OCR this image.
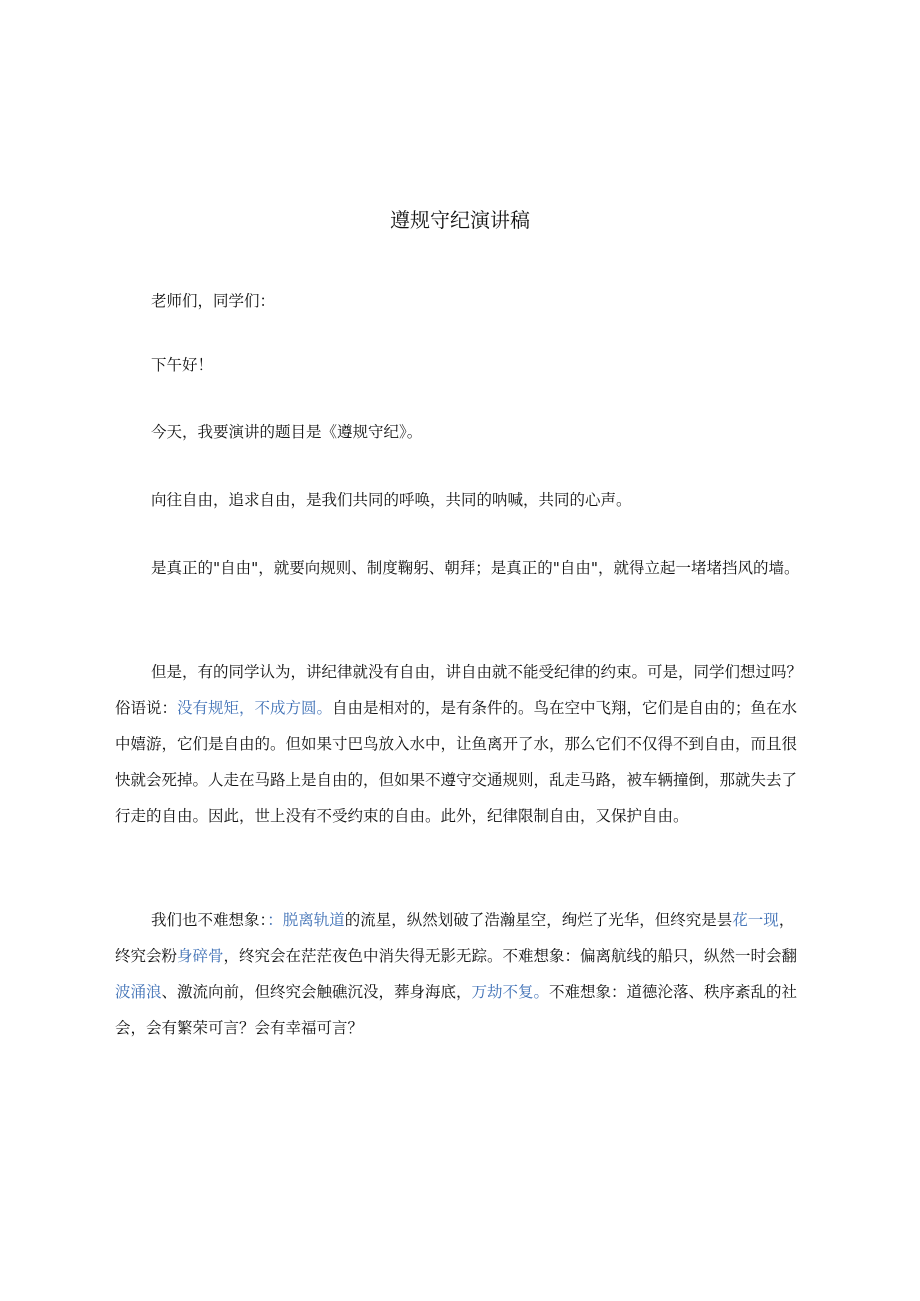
遵规守纪演讲稿

老师们，同学们：

下午好！

今天，我要演讲的题目是《遵规守纪》。

向往自由，追求自由，是我们共同的呼唤，共同的呐喊，共同的心声。

是真正的"自由"，就要向规则、制度鞠躬、朝拜；是真正的"自由"，就得立起一堵堵挡风的墙。

但是，有的同学认为，讲纪律就没有自由，讲自由就不能受纪律的约束。可是，同学们想过吗？俗语说：没有规矩，不成方圆。自由是相对的，是有条件的。鸟在空中飞翔，它们是自由的；鱼在水中嬉游，它们是自由的。但如果寸巴鸟放入水中，让鱼离开了水，那么它们不仅得不到自由，而且很快就会死掉。人走在马路上是自由的，但如果不遵守交通规则，乱走马路，被车辆撞倒，那就失去了行走的自由。因此，世上没有不受约束的自由。此外，纪律限制自由，又保护自由。

我们也不难想象：：脱离轨道的流星，纵然划破了浩瀚星空，绚烂了光华，但终究是昙花一现，终究会粉身碎骨，终究会在茫茫夜色中消失得无影无踪。不难想象：偏离航线的船只，纵然一时会翻波涌浪、激流向前，但终究会触礁沉没，葬身海底，万劫不复。不难想象：道德沦落、秩序紊乱的社会，会有繁荣可言？会有幸福可言？
